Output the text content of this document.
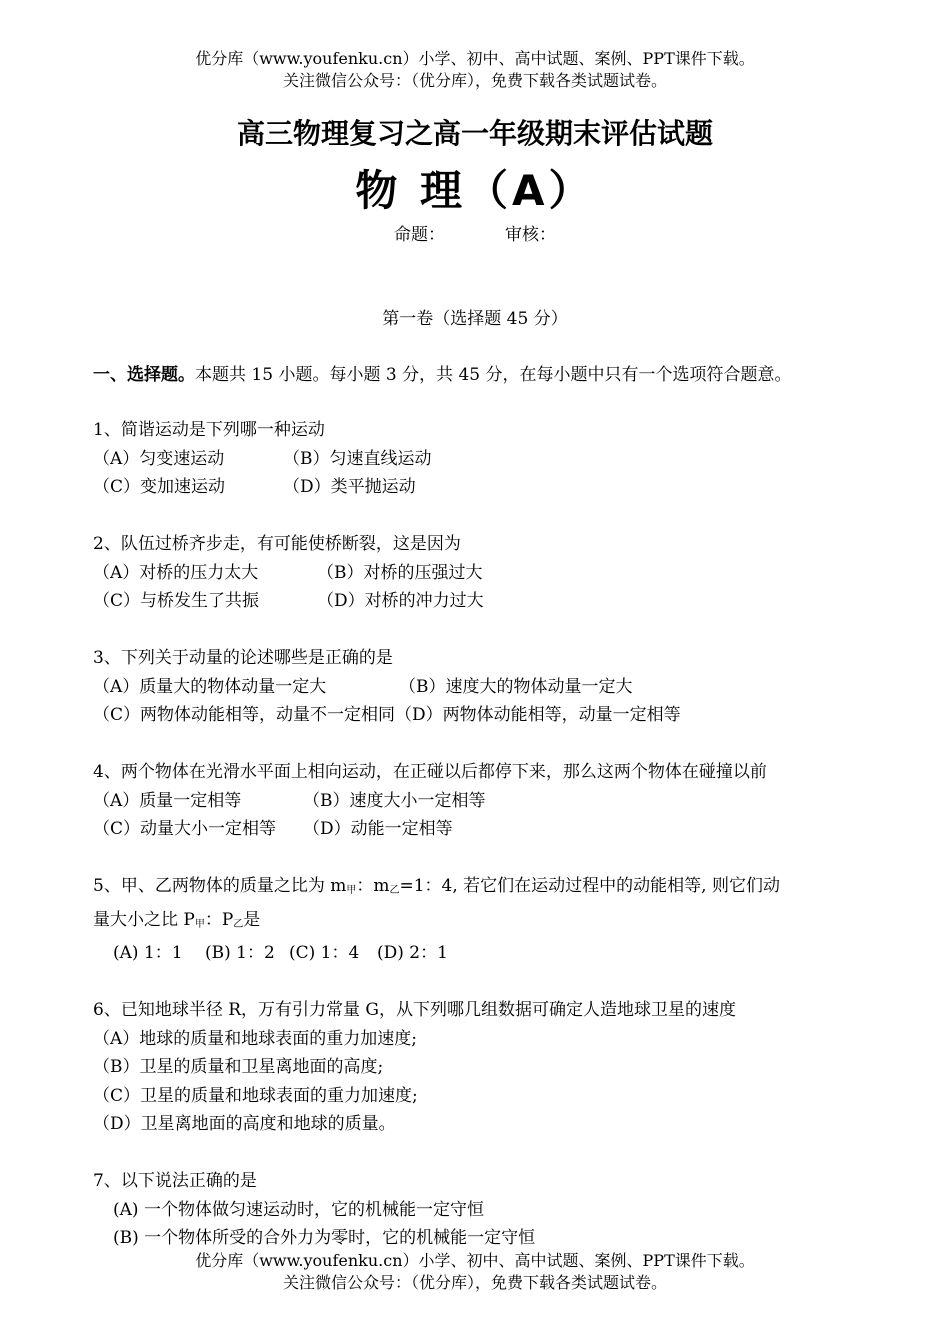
优分库（www.youfenku.cn）小学、初中、高中试题、案例、PPT课件下载。
关注微信公众号：（优分库），免费下载各类试题试卷。
高三物理复习之高一年级期末评估试题
物 理（A）
命题：	审核：
第一卷（选择题 45 分）
一、选择题。本题共 15 小题。每小题 3 分，共 45 分，在每小题中只有一个选项符合题意。
1、简谐运动是下列哪一种运动
（A）匀变速运动	（B）匀速直线运动
（C）变加速运动	（D）类平抛运动
2、队伍过桥齐步走，有可能使桥断裂，这是因为
（A）对桥的压力太大	（B）对桥的压强过大
（C）与桥发生了共振	（D）对桥的冲力过大
3、下列关于动量的论述哪些是正确的是
（A）质量大的物体动量一定大	（B）速度大的物体动量一定大
（C）两物体动能相等，动量不一定相同（D）两物体动能相等，动量一定相等
4、两个物体在光滑水平面上相向运动，在正碰以后都停下来，那么这两个物体在碰撞以前
（A）质量一定相等	（B）速度大小一定相等
（C）动量大小一定相等 （D）动能一定相等
5、甲、乙两物体的质量之比为 $m_甲$：$m_乙=1$：4, 若它们在运动过程中的动能相等, 则它们动
量大小之比 $P_甲$：$P_乙$是
(A) 1：1 (B) 1：2 (C) 1：4 (D) 2：1
6、已知地球半径 R，万有引力常量 G，从下列哪几组数据可确定人造地球卫星的速度
（A）地球的质量和地球表面的重力加速度;
（B）卫星的质量和卫星离地面的高度;
（C）卫星的质量和地球表面的重力加速度;
（D）卫星离地面的高度和地球的质量。
7、以下说法正确的是
(A) 一个物体做匀速运动时，它的机械能一定守恒
(B) 一个物体所受的合外力为零时，它的机械能一定守恒
优分库（www.youfenku.cn）小学、初中、高中试题、案例、PPT课件下载。
关注微信公众号：（优分库），免费下载各类试题试卷。
